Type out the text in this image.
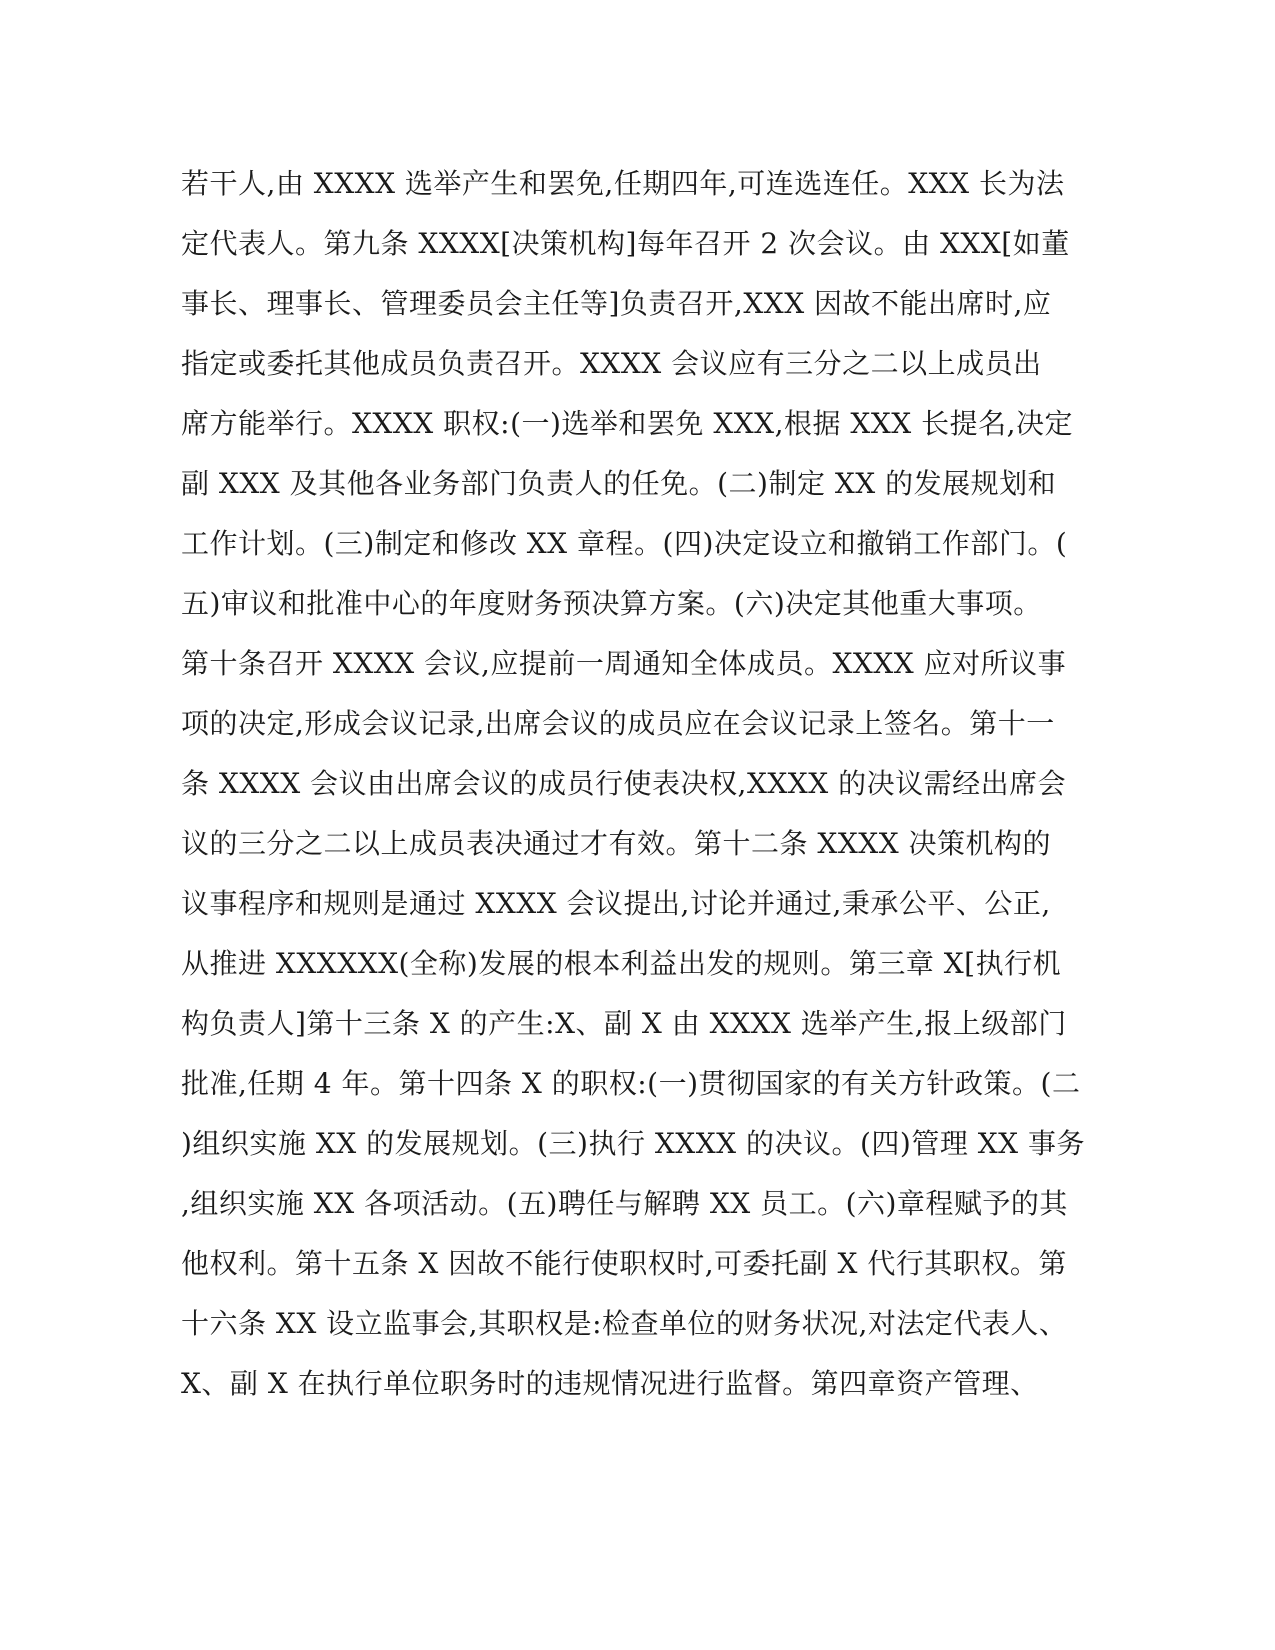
若干人,由 XXXX 选举产生和罢免,任期四年,可连选连任。XXX 长为法
定代表人。第九条 XXXX[决策机构]每年召开 2 次会议。由 XXX[如董
事长、理事长、管理委员会主任等]负责召开,XXX 因故不能出席时,应
指定或委托其他成员负责召开。XXXX 会议应有三分之二以上成员出
席方能举行。XXXX 职权:(一)选举和罢免 XXX,根据 XXX 长提名,决定
副 XXX 及其他各业务部门负责人的任免。(二)制定 XX 的发展规划和
工作计划。(三)制定和修改 XX 章程。(四)决定设立和撤销工作部门。(
五)审议和批准中心的年度财务预决算方案。(六)决定其他重大事项。
第十条召开 XXXX 会议,应提前一周通知全体成员。XXXX 应对所议事
项的决定,形成会议记录,出席会议的成员应在会议记录上签名。第十一
条 XXXX 会议由出席会议的成员行使表决权,XXXX 的决议需经出席会
议的三分之二以上成员表决通过才有效。第十二条 XXXX 决策机构的
议事程序和规则是通过 XXXX 会议提出,讨论并通过,秉承公平、公正,
从推进 XXXXXX(全称)发展的根本利益出发的规则。第三章 X[执行机
构负责人]第十三条 X 的产生:X、副 X 由 XXXX 选举产生,报上级部门
批准,任期 4 年。第十四条 X 的职权:(一)贯彻国家的有关方针政策。(二
)组织实施 XX 的发展规划。(三)执行 XXXX 的决议。(四)管理 XX 事务
,组织实施 XX 各项活动。(五)聘任与解聘 XX 员工。(六)章程赋予的其
他权利。第十五条 X 因故不能行使职权时,可委托副 X 代行其职权。第
十六条 XX 设立监事会,其职权是:检查单位的财务状况,对法定代表人、
X、副 X 在执行单位职务时的违规情况进行监督。第四章资产管理、
